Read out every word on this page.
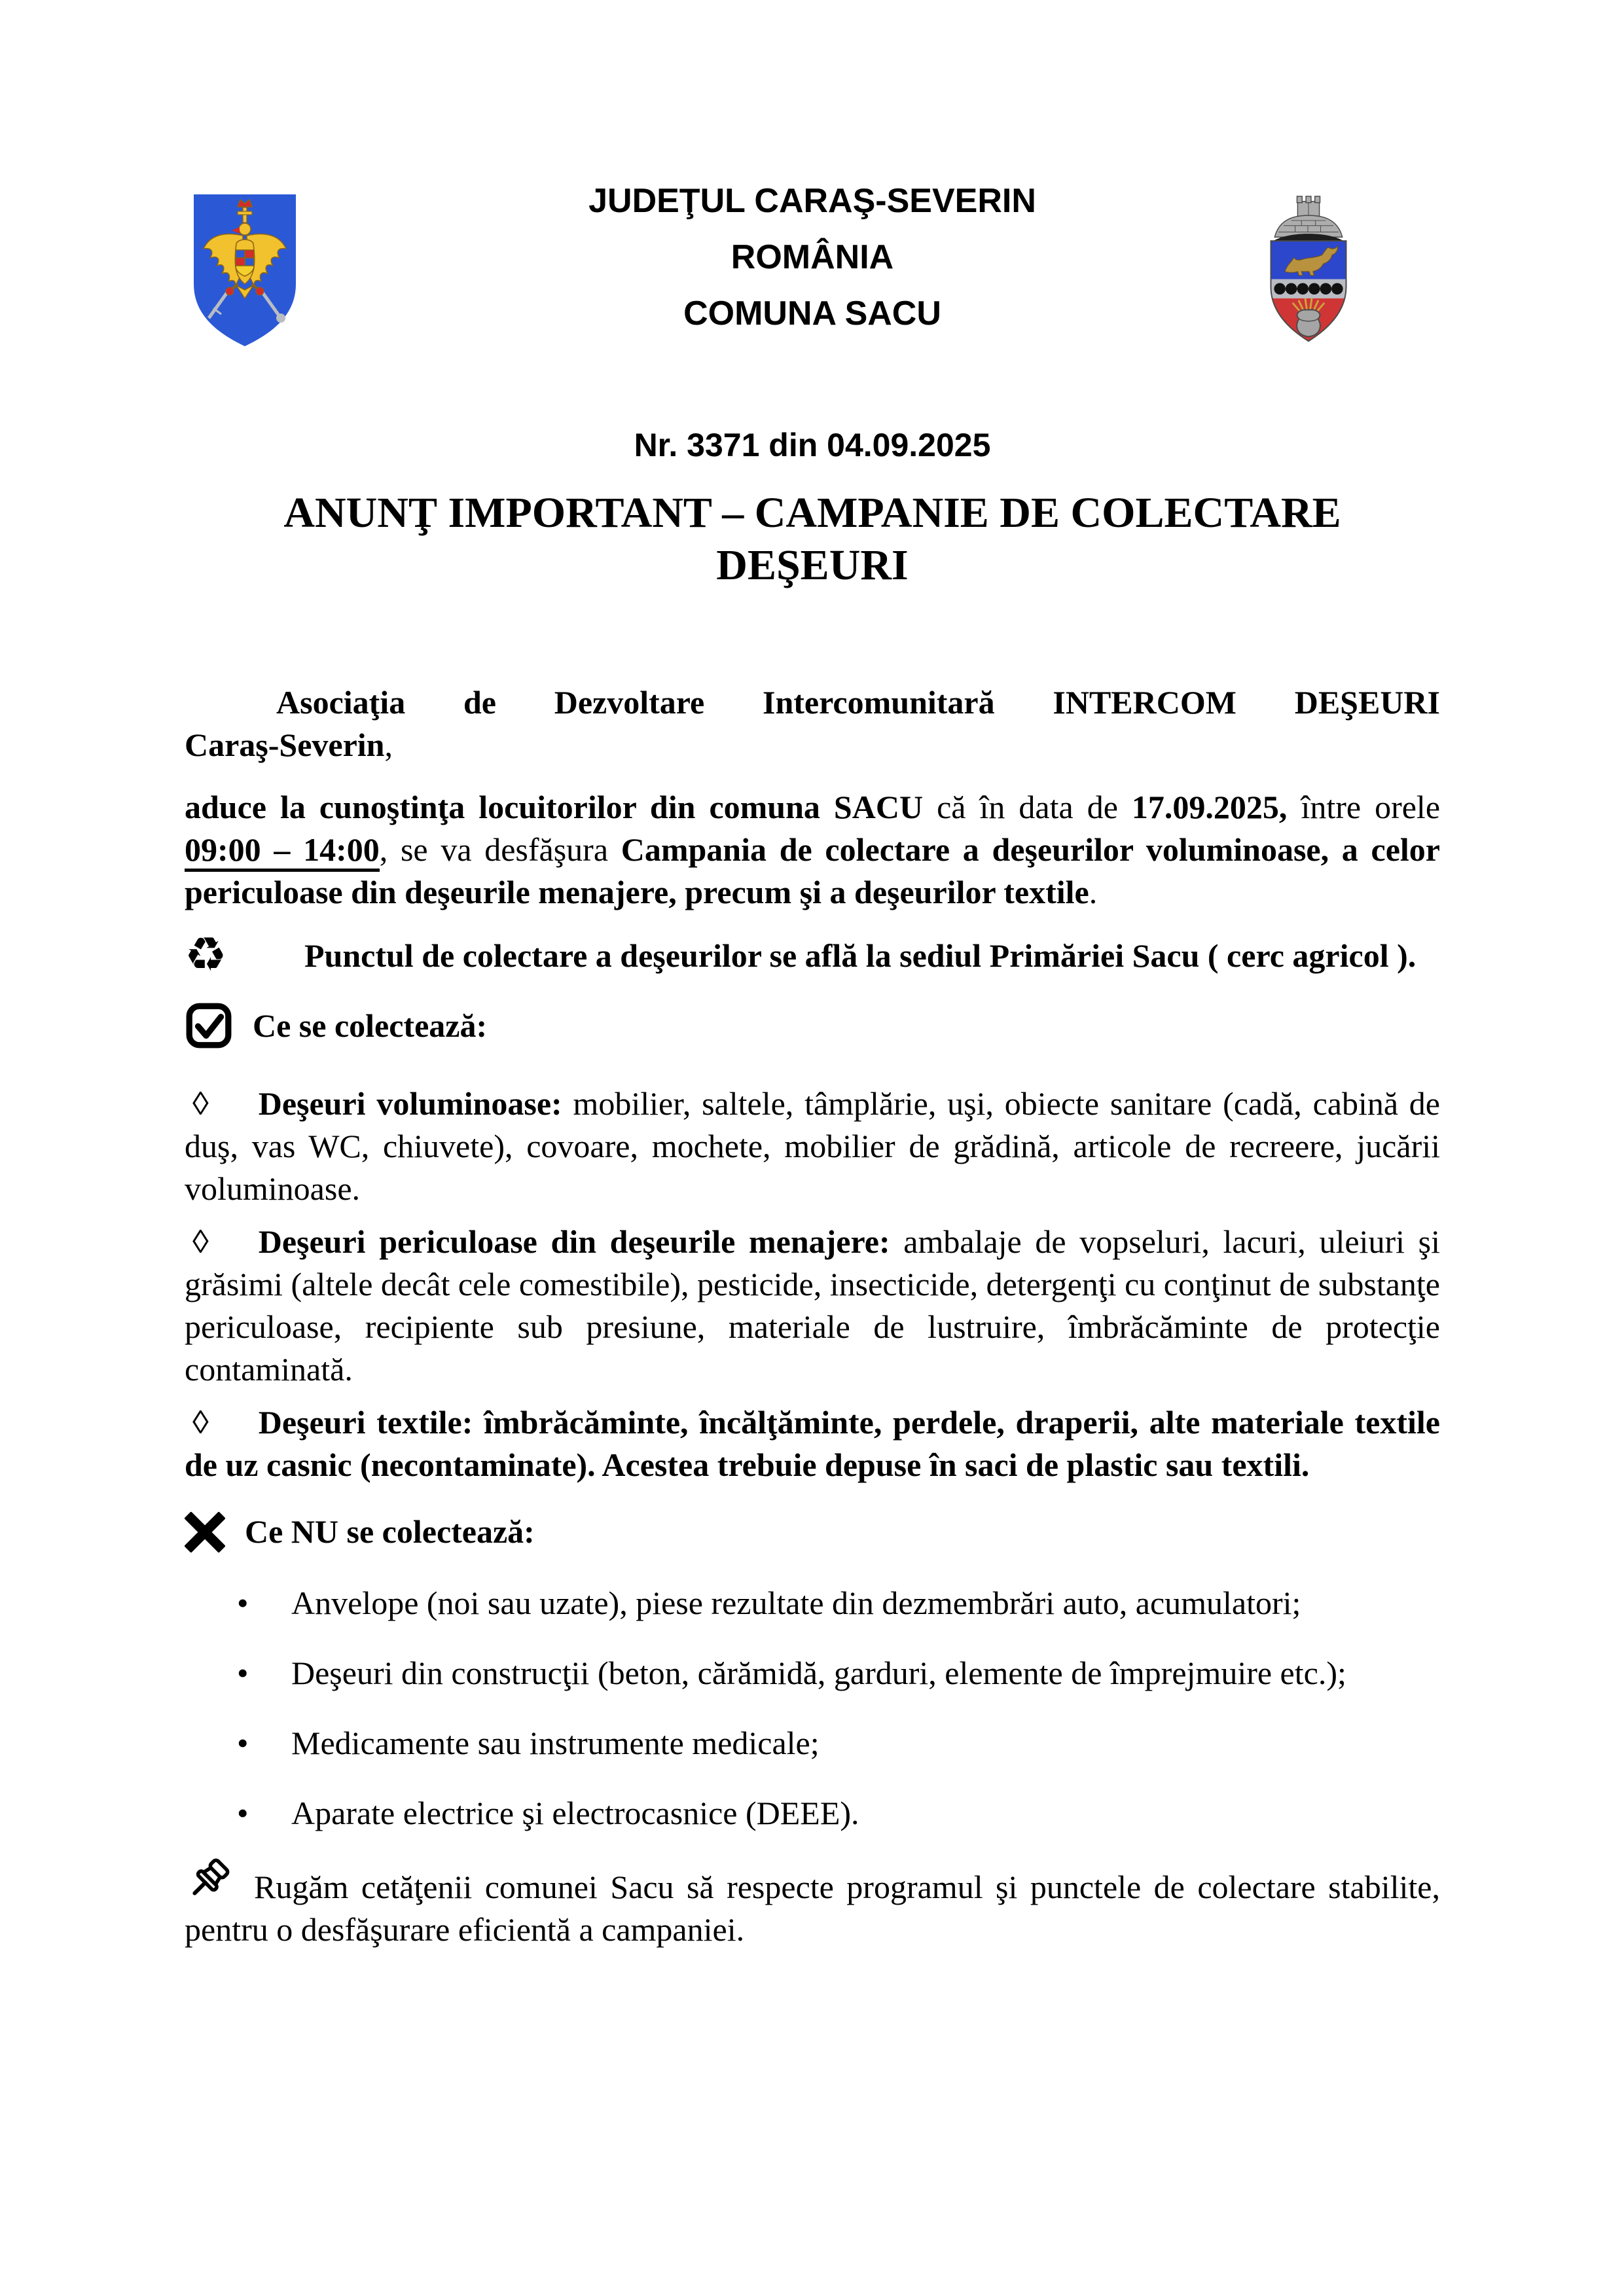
JUDEŢUL CARAŞ-SEVERIN
ROMÂNIA
COMUNA SACU
Nr. 3371 din 04.09.2025
ANUNŢ IMPORTANT – CAMPANIE DE COLECTARE DEŞEURI
Asociaţia de Dezvoltare Intercomunitară INTERCOM DEŞEURI
Caraş-Severin,
aduce la cunoştinţa locuitorilor din comuna SACU că în data de 17.09.2025, între orele 09:00 – 14:00, se va desfăşura Campania de colectare a deşeurilor voluminoase, a celor periculoase din deşeurile menajere, precum şi a deşeurilor textile.
♻ Punctul de colectare a deşeurilor se află la sediul Primăriei Sacu ( cerc agricol ).
Ce se colectează:
◊ Deşeuri voluminoase: mobilier, saltele, tâmplărie, uşi, obiecte sanitare (cadă, cabină de duş, vas WC, chiuvete), covoare, mochete, mobilier de grădină, articole de recreere, jucării voluminoase.
◊ Deşeuri periculoase din deşeurile menajere: ambalaje de vopseluri, lacuri, uleiuri şi grăsimi (altele decât cele comestibile), pesticide, insecticide, detergenţi cu conţinut de substanţe periculoase, recipiente sub presiune, materiale de lustruire, îmbrăcăminte de protecţie contaminată.
◊ Deşeuri textile: îmbrăcăminte, încălţăminte, perdele, draperii, alte materiale textile de uz casnic (necontaminate). Acestea trebuie depuse în saci de plastic sau textili.
Ce NU se colectează:
• Anvelope (noi sau uzate), piese rezultate din dezmembrări auto, acumulatori;
• Deşeuri din construcţii (beton, cărămidă, garduri, elemente de împrejmuire etc.);
• Medicamente sau instrumente medicale;
• Aparate electrice şi electrocasnice (DEEE).
Rugăm cetăţenii comunei Sacu să respecte programul şi punctele de colectare stabilite, pentru o desfăşurare eficientă a campaniei.
